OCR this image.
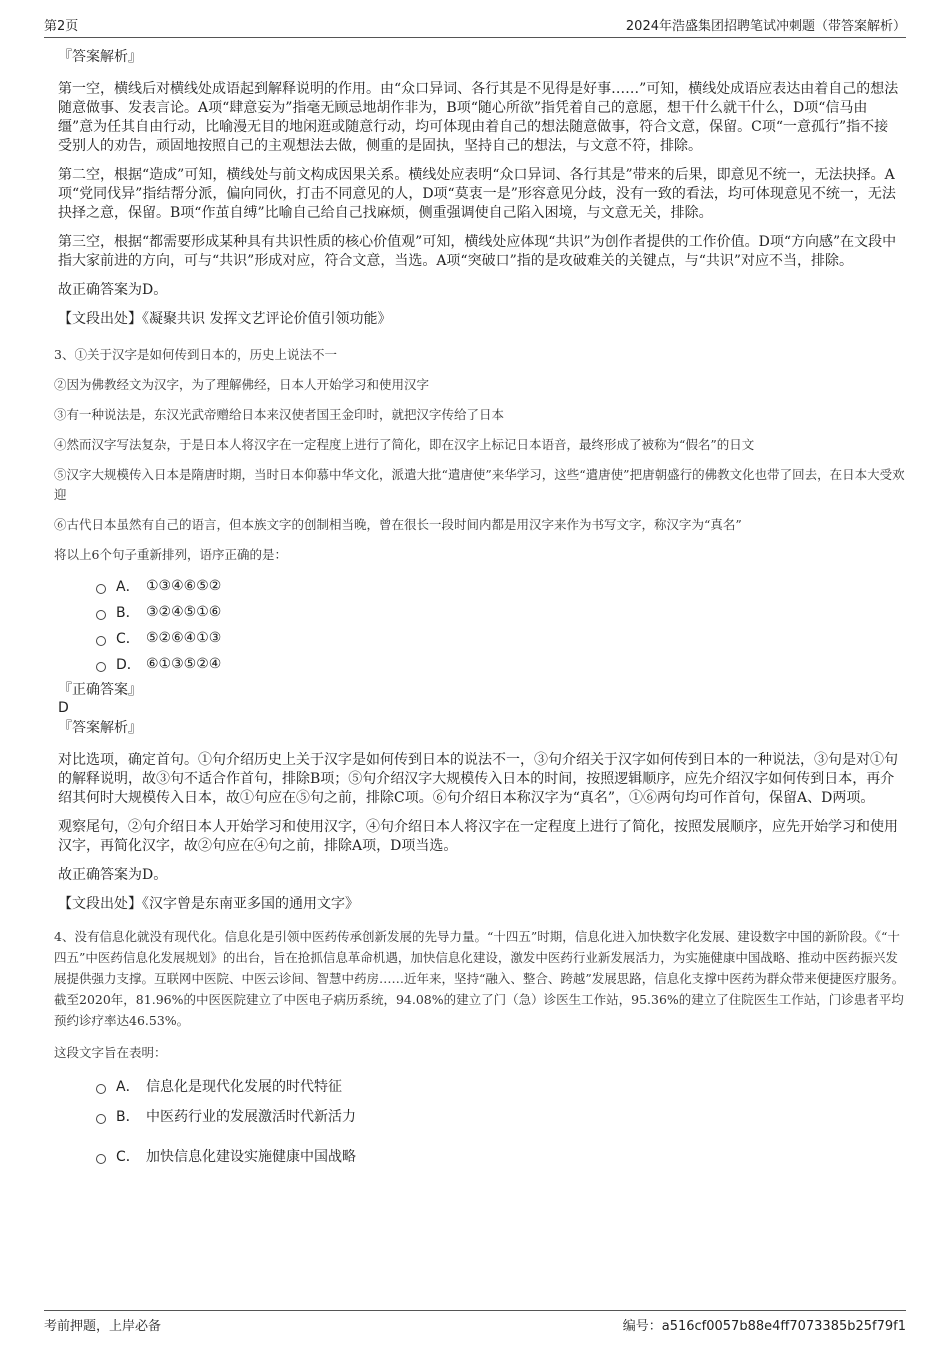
第2页	2024年浩盛集团招聘笔试冲刺题（带答案解析）
『答案解析』

第一空，横线后对横线处成语起到解释说明的作用。由“众口异词、各行其是不见得是好事……”可知，横线处成语应表达由着自己的想法随意做事、发表言论。A项“肆意妄为”指毫无顾忌地胡作非为，B项“随心所欲”指凭着自己的意愿，想干什么就干什么，D项“信马由缰”意为任其自由行动，比喻漫无目的地闲逛或随意行动，均可体现由着自己的想法随意做事，符合文意，保留。C项“一意孤行”指不接受别人的劝告，顽固地按照自己的主观想法去做，侧重的是固执，坚持自己的想法，与文意不符，排除。

第二空，根据“造成”可知，横线处与前文构成因果关系。横线处应表明“众口异词、各行其是”带来的后果，即意见不统一，无法抉择。A项“党同伐异”指结帮分派，偏向同伙，打击不同意见的人，D项“莫衷一是”形容意见分歧，没有一致的看法，均可体现意见不统一，无法抉择之意，保留。B项“作茧自缚”比喻自己给自己找麻烦，侧重强调使自己陷入困境，与文意无关，排除。

第三空，根据“都需要形成某种具有共识性质的核心价值观”可知，横线处应体现“共识”为创作者提供的工作价值。D项“方向感”在文段中指大家前进的方向，可与“共识”形成对应，符合文意，当选。A项“突破口”指的是攻破难关的关键点，与“共识”对应不当，排除。

故正确答案为D。

【文段出处】《凝聚共识 发挥文艺评论价值引领功能》

3、①关于汉字是如何传到日本的，历史上说法不一
②因为佛教经文为汉字，为了理解佛经，日本人开始学习和使用汉字
③有一种说法是，东汉光武帝赠给日本来汉使者国王金印时，就把汉字传给了日本
④然而汉字写法复杂，于是日本人将汉字在一定程度上进行了简化，即在汉字上标记日本语音，最终形成了被称为“假名”的日文
⑤汉字大规模传入日本是隋唐时期，当时日本仰慕中华文化，派遣大批“遣唐使”来华学习，这些“遣唐使”把唐朝盛行的佛教文化也带了回去，在日本大受欢迎
⑥古代日本虽然有自己的语言，但本族文字的创制相当晚，曾在很长一段时间内都是用汉字来作为书写文字，称汉字为“真名”
将以上6个句子重新排列，语序正确的是：
A． ①③④⑥⑤②
B． ③②④⑤①⑥
C． ⑤②⑥④①③
D． ⑥①③⑤②④
『正确答案』
D
『答案解析』

对比选项，确定首句。①句介绍历史上关于汉字是如何传到日本的说法不一，③句介绍关于汉字如何传到日本的一种说法，③句是对①句的解释说明，故③句不适合作首句，排除B项；⑤句介绍汉字大规模传入日本的时间，按照逻辑顺序，应先介绍汉字如何传到日本，再介绍其何时大规模传入日本，故①句应在⑤句之前，排除C项。⑥句介绍日本称汉字为“真名”，①⑥两句均可作首句，保留A、D两项。

观察尾句，②句介绍日本人开始学习和使用汉字，④句介绍日本人将汉字在一定程度上进行了简化，按照发展顺序，应先开始学习和使用汉字，再简化汉字，故②句应在④句之前，排除A项，D项当选。

故正确答案为D。

【文段出处】《汉字曾是东南亚多国的通用文字》

4、没有信息化就没有现代化。信息化是引领中医药传承创新发展的先导力量。“十四五”时期，信息化进入加快数字化发展、建设数字中国的新阶段。《“十四五”中医药信息化发展规划》的出台，旨在抢抓信息革命机遇，加快信息化建设，激发中医药行业新发展活力，为实施健康中国战略、推动中医药振兴发展提供强力支撑。互联网中医院、中医云诊间、智慧中药房……近年来，坚持“融入、整合、跨越”发展思路，信息化支撑中医药为群众带来便捷医疗服务。截至2020年，81.96%的中医医院建立了中医电子病历系统，94.08%的建立了门（急）诊医生工作站，95.36%的建立了住院医生工作站，门诊患者平均预约诊疗率达46.53%。
这段文字旨在表明：
A． 信息化是现代化发展的时代特征
B． 中医药行业的发展激活时代新活力
C． 加快信息化建设实施健康中国战略
考前押题，上岸必备	编号：a516cf0057b88e4ff7073385b25f79f1
